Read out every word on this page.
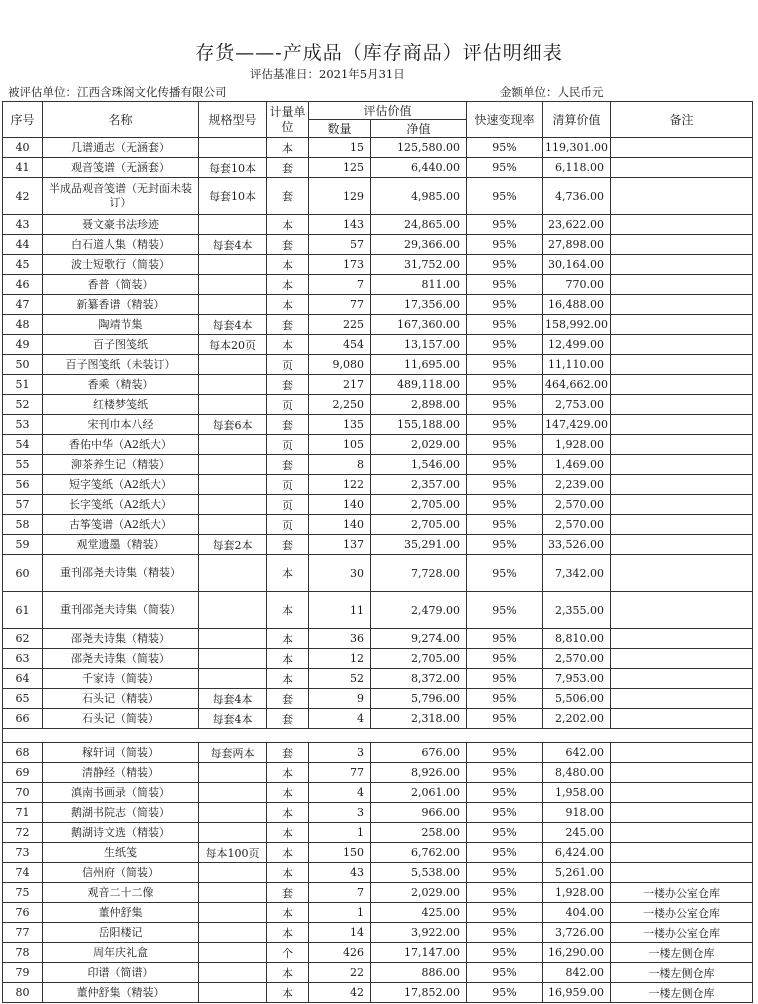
存货——-产成品（库存商品）评估明细表
评估基准日：2021年5月31日
被评估单位：江西含珠阁文化传播有限公司	金额单位：人民币元
序号	名称	规格型号	计量单位	评估价值		快速变现率	清算价值	备注
				数量	净值			
40	几谱通志（无涵套）		本	15	125,580.00	95%	119,301.00	
41	观音笺谱（无涵套）	每套10本	套	125	6,440.00	95%	6,118.00	
42	半成品观音笺谱（无封面未装订）	每套10本	套	129	4,985.00	95%	4,736.00	
43	聂文豪书法珍迹		本	143	24,865.00	95%	23,622.00	
44	白石道人集（精装）	每套4本	套	57	29,366.00	95%	27,898.00	
45	波士短歌行（简装）		本	173	31,752.00	95%	30,164.00	
46	香普（简装）		本	7	811.00	95%	770.00	
47	新纂香谱（精装）		本	77	17,356.00	95%	16,488.00	
48	陶靖节集	每套4本	套	225	167,360.00	95%	158,992.00	
49	百子图笺纸	每本20页	本	454	13,157.00	95%	12,499.00	
50	百子图笺纸（未装订）		页	9,080	11,695.00	95%	11,110.00	
51	香乘（精装）		套	217	489,118.00	95%	464,662.00	
52	红楼梦笺纸		页	2,250	2,898.00	95%	2,753.00	
53	宋刊巾本八经	每套6本	套	135	155,188.00	95%	147,429.00	
54	香佑中华（A2纸大）		页	105	2,029.00	95%	1,928.00	
55	泖茶养生记（精装）		套	8	1,546.00	95%	1,469.00	
56	短字笺纸（A2纸大）		页	122	2,357.00	95%	2,239.00	
57	长字笺纸（A2纸大）		页	140	2,705.00	95%	2,570.00	
58	古筝笺谱（A2纸大）		页	140	2,705.00	95%	2,570.00	
59	观堂遗墨（精装）	每套2本	套	137	35,291.00	95%	33,526.00	
60	重刊邵尧夫诗集（精装）		本	30	7,728.00	95%	7,342.00	
61	重刊邵尧夫诗集（简装）		本	11	2,479.00	95%	2,355.00	
62	邵尧夫诗集（精装）		本	36	9,274.00	95%	8,810.00	
63	邵尧夫诗集（简装）		本	12	2,705.00	95%	2,570.00	
64	千家诗（简装）		本	52	8,372.00	95%	7,953.00	
65	石头记（精装）	每套4本	套	9	5,796.00	95%	5,506.00	
66	石头记（简装）	每套4本	套	4	2,318.00	95%	2,202.00	

68	稼轩词（简装）	每套两本	套	3	676.00	95%	642.00	
69	清静经（精装）		本	77	8,926.00	95%	8,480.00	
70	滇南书画录（简装）		本	4	2,061.00	95%	1,958.00	
71	鹅湖书院志（简装）		本	3	966.00	95%	918.00	
72	鹅湖诗文选（精装）		本	1	258.00	95%	245.00	
73	生纸笺	每本100页	本	150	6,762.00	95%	6,424.00	
74	信州府（简装）		本	43	5,538.00	95%	5,261.00	
75	观音二十二像		套	7	2,029.00	95%	1,928.00	一楼办公室仓库
76	董仲舒集		本	1	425.00	95%	404.00	一楼办公室仓库
77	岳阳楼记		本	14	3,922.00	95%	3,726.00	一楼办公室仓库
78	周年庆礼盒		个	426	17,147.00	95%	16,290.00	一楼左侧仓库
79	印谱（简谱）		本	22	886.00	95%	842.00	一楼左侧仓库
80	董仲舒集（精装）		本	42	17,852.00	95%	16,959.00	一楼左侧仓库
